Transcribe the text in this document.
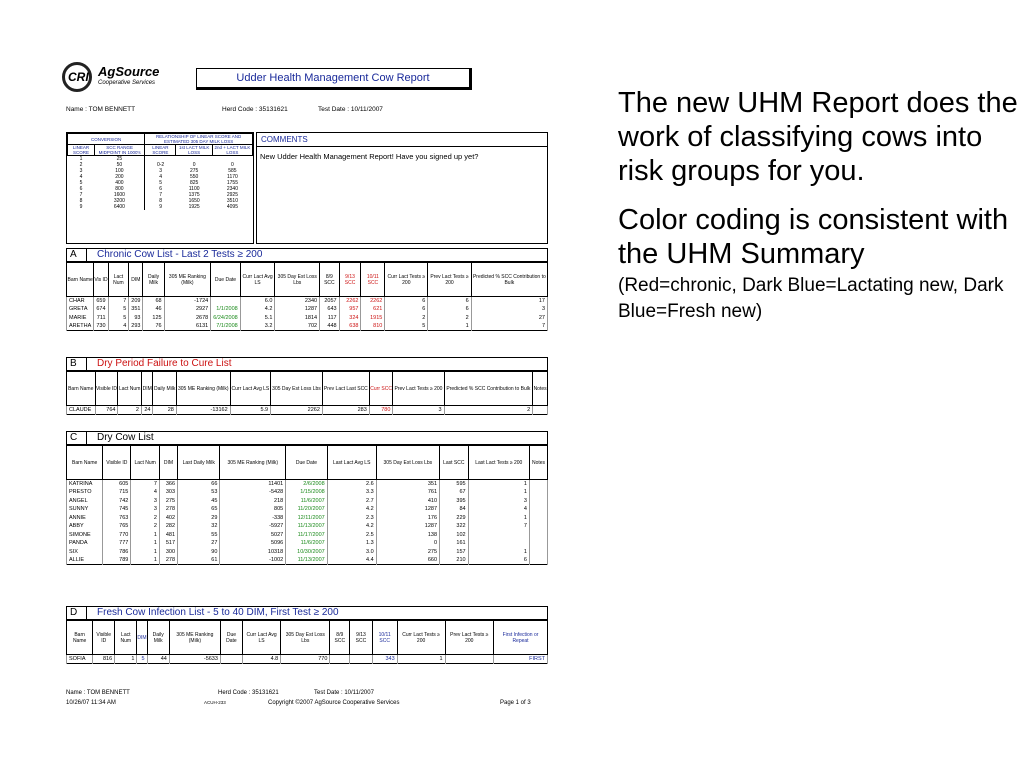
CRI AgSource
Cooperative Services	Udder Health Management Cow Report
Name : TOM BENNETT	Herd Code : 35131621	Test Date : 10/11/2007
CONVERSION		RELATIONSHIP OF LINEAR SCORE AND ESTIMATED 305 DAY MILK LOSS		
LINEAR SCORE	SCC RANGE MIDPOINT IN 1000's	LINEAR SCORE	1st LACT MILK LOSS	2nd + LACT MILK LOSS
1	25			
2	50	0-2	0	0
3	100	3	275	585
4	200	4	550	1170
5	400	5	825	1755
6	800	6	1100	2340
7	1600	7	1375	2925
8	3200	8	1650	3510
9	6400	9	1925	4095
COMMENTS
New Udder Health Management Report! Have you signed up yet?
A	Chronic Cow List - Last 2 Tests ≥ 200
Barn Name	Vis ID	Lact Num	DIM	Daily Milk	305 ME Ranking (Milk)	Due Date	Curr Lact Avg LS	305 Day Est Loss Lbs	8/9 SCC	9/13 SCC	10/11 SCC	Curr Lact Tests ≥ 200	Prev Lact Tests ≥ 200	Predicted % SCC Contribution to Bulk
CHAR	659	7	209	68	-1724		6.0	2340	2057	2262	2262	6	6	17
GRETA	674	5	351	46	2927	1/1/2008	4.2	1287	643	957	621	6	6	3
MARIE	711	5	93	125	2678	6/24/2008	5.1	1814	117	324	1915	2	2	27
ARETHA	730	4	293	76	6131	7/1/2008	3.2	702	448	638	810	5	1	7
B	Dry Period Failure to Cure List
Barn Name	Visible ID	Lact Num	DIM	Daily Milk	305 ME Ranking (Milk)	Curr Lact Avg LS	305 Day Est Loss Lbs	Prev Lact Last SCC	Curr SCC	Prev Lact Tests ≥ 200	Predicted % SCC Contribution to Bulk	Notes
CLAUDE	764	2	24	28	-13162	5.9	2262	283	780	3	2	
C	Dry Cow List
Barn Name	Visible ID	Lact Num	DIM	Last Daily Milk	305 ME Ranking (Milk)	Due Date	Last Lact Avg LS	305 Day Est Loss Lbs	Last SCC	Last Lact Tests ≥ 200	Notes
KATRINA	605	7	366	66	11401	2/6/2008	2.6	351	595	1	
PRESTO	715	4	303	53	-5428	1/15/2008	3.3	761	67	1	
ANGEL	742	3	275	45	218	11/6/2007	2.7	410	395	3	
SUNNY	745	3	278	65	805	11/20/2007	4.2	1287	84	4	
ANNIE	763	2	402	29	-338	12/11/2007	2.3	176	229	1	
ABBY	765	2	282	32	-5927	11/13/2007	4.2	1287	322	7	
SIMONE	770	1	481	55	5027	11/17/2007	2.5	138	102		
PANDA	777	1	517	27	5096	11/6/2007	1.3	0	161		
SIX	786	1	300	90	10318	10/30/2007	3.0	275	157	1	
ALLIE	789	1	278	61	-1002	11/13/2007	4.4	660	210	6	
D	Fresh Cow Infection List - 5 to 40 DIM, First Test ≥ 200
Barn Name	Visible ID	Lact Num	DIM	Daily Milk	305 ME Ranking (Milk)	Due Date	Curr Lact Avg LS	305 Day Est Loss Lbs	8/9 SCC	9/13 SCC	10/11 SCC	Curr Lact Tests ≥ 200	Prev Lact Tests ≥ 200	First Infection or Repeat
SOFIA	816	1	5	44	-5633		4.8	770			343	1		FIRST
Name : TOM BENNETT	Herd Code : 35131621	Test Date : 10/11/2007
10/26/07 11:34 AM	ACUH-233	Copyright ©2007 AgSource Cooperative Services	Page 1 of 3

The new UHM Report does the work of classifying cows into risk groups for you.

Color coding is consistent with the UHM Summary

(Red=chronic, Dark Blue=Lactating new, Dark Blue=Fresh new)
